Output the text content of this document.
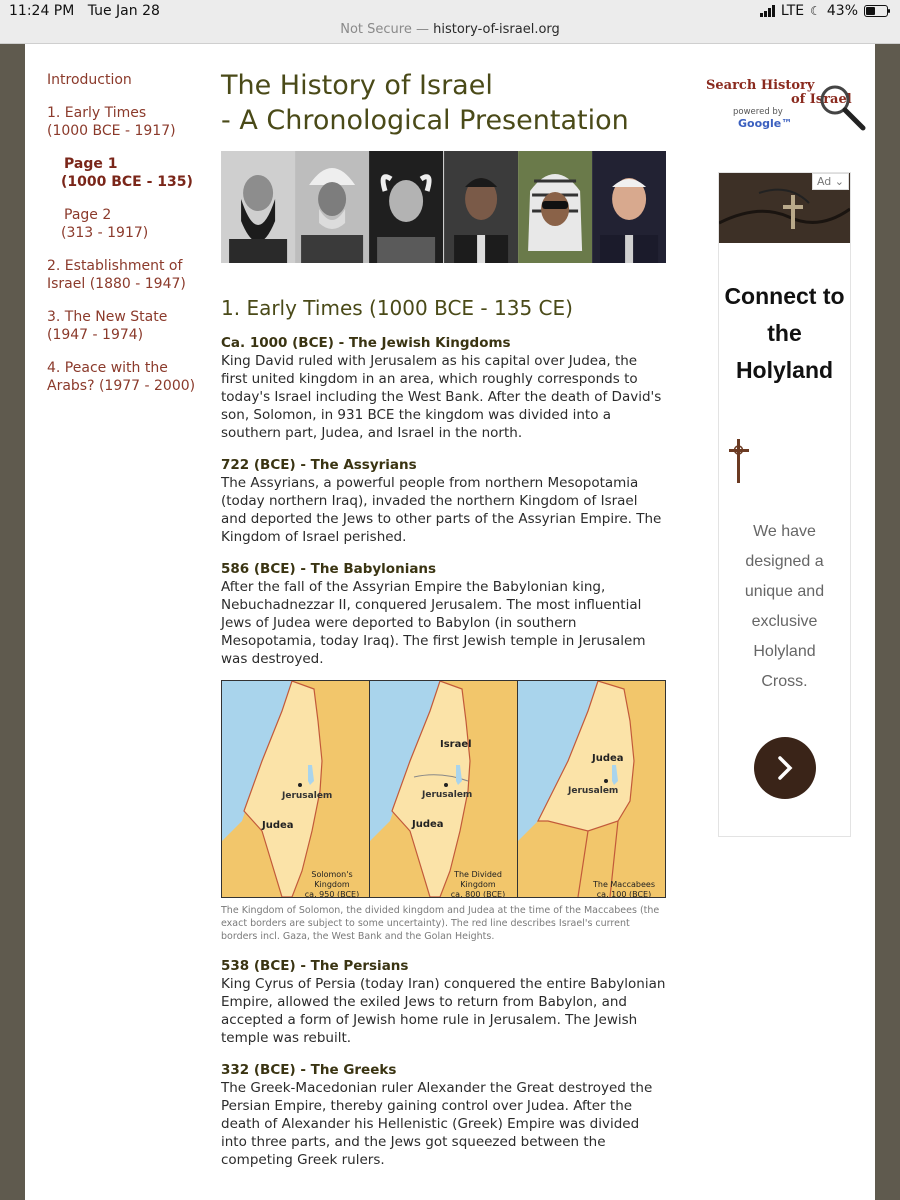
11:24 PM Tue Jan 28	LTE ☾ 43%
Not Secure — history-of-israel.org
Introduction
1. Early Times
(1000 BCE - 1917)
Page 1
(1000 BCE - 135)
Page 2
(313 - 1917)
2. Establishment of Israel (1880 - 1947)
3. The New State (1947 - 1974)
4. Peace with the Arabs? (1977 - 2000)
The History of Israel
- A Chronological Presentation
1. Early Times (1000 BCE - 135 CE)
Ca. 1000 (BCE) - The Jewish Kingdoms
King David ruled with Jerusalem as his capital over Judea, the first united kingdom in an area, which roughly corresponds to today's Israel including the West Bank. After the death of David's son, Solomon, in 931 BCE the kingdom was divided into a southern part, Judea, and Israel in the north.
722 (BCE) - The Assyrians
The Assyrians, a powerful people from northern Mesopotamia (today northern Iraq), invaded the northern Kingdom of Israel and deported the Jews to other parts of the Assyrian Empire. The Kingdom of Israel perished.
586 (BCE) - The Babylonians
After the fall of the Assyrian Empire the Babylonian king, Nebuchadnezzar II, conquered Jerusalem. The most influential Jews of Judea were deported to Babylon (in southern Mesopotamia, today Iraq). The first Jewish temple in Jerusalem was destroyed.
Jerusalem
Judea
Solomon's Kingdom ca. 950 (BCE)
Israel
Jerusalem
Judea
The Divided Kingdom ca. 800 (BCE)
Judea
Jerusalem
The Maccabees ca. 100 (BCE)
The Kingdom of Solomon, the divided kingdom and Judea at the time of the Maccabees (the exact borders are subject to some uncertainty). The red line describes Israel's current borders incl. Gaza, the West Bank and the Golan Heights.
538 (BCE) - The Persians
King Cyrus of Persia (today Iran) conquered the entire Babylonian Empire, allowed the exiled Jews to return from Babylon, and accepted a form of Jewish home rule in Jerusalem. The Jewish temple was rebuilt.
332 (BCE) - The Greeks
The Greek-Macedonian ruler Alexander the Great destroyed the Persian Empire, thereby gaining control over Judea. After the death of Alexander his Hellenistic (Greek) Empire was divided into three parts, and the Jews got squeezed between the competing Greek rulers.
Search History
of Israel
powered by
Google™
Ad ⌄
Connect to
the
Holyland
We have
designed a
unique and
exclusive
Holyland
Cross.
